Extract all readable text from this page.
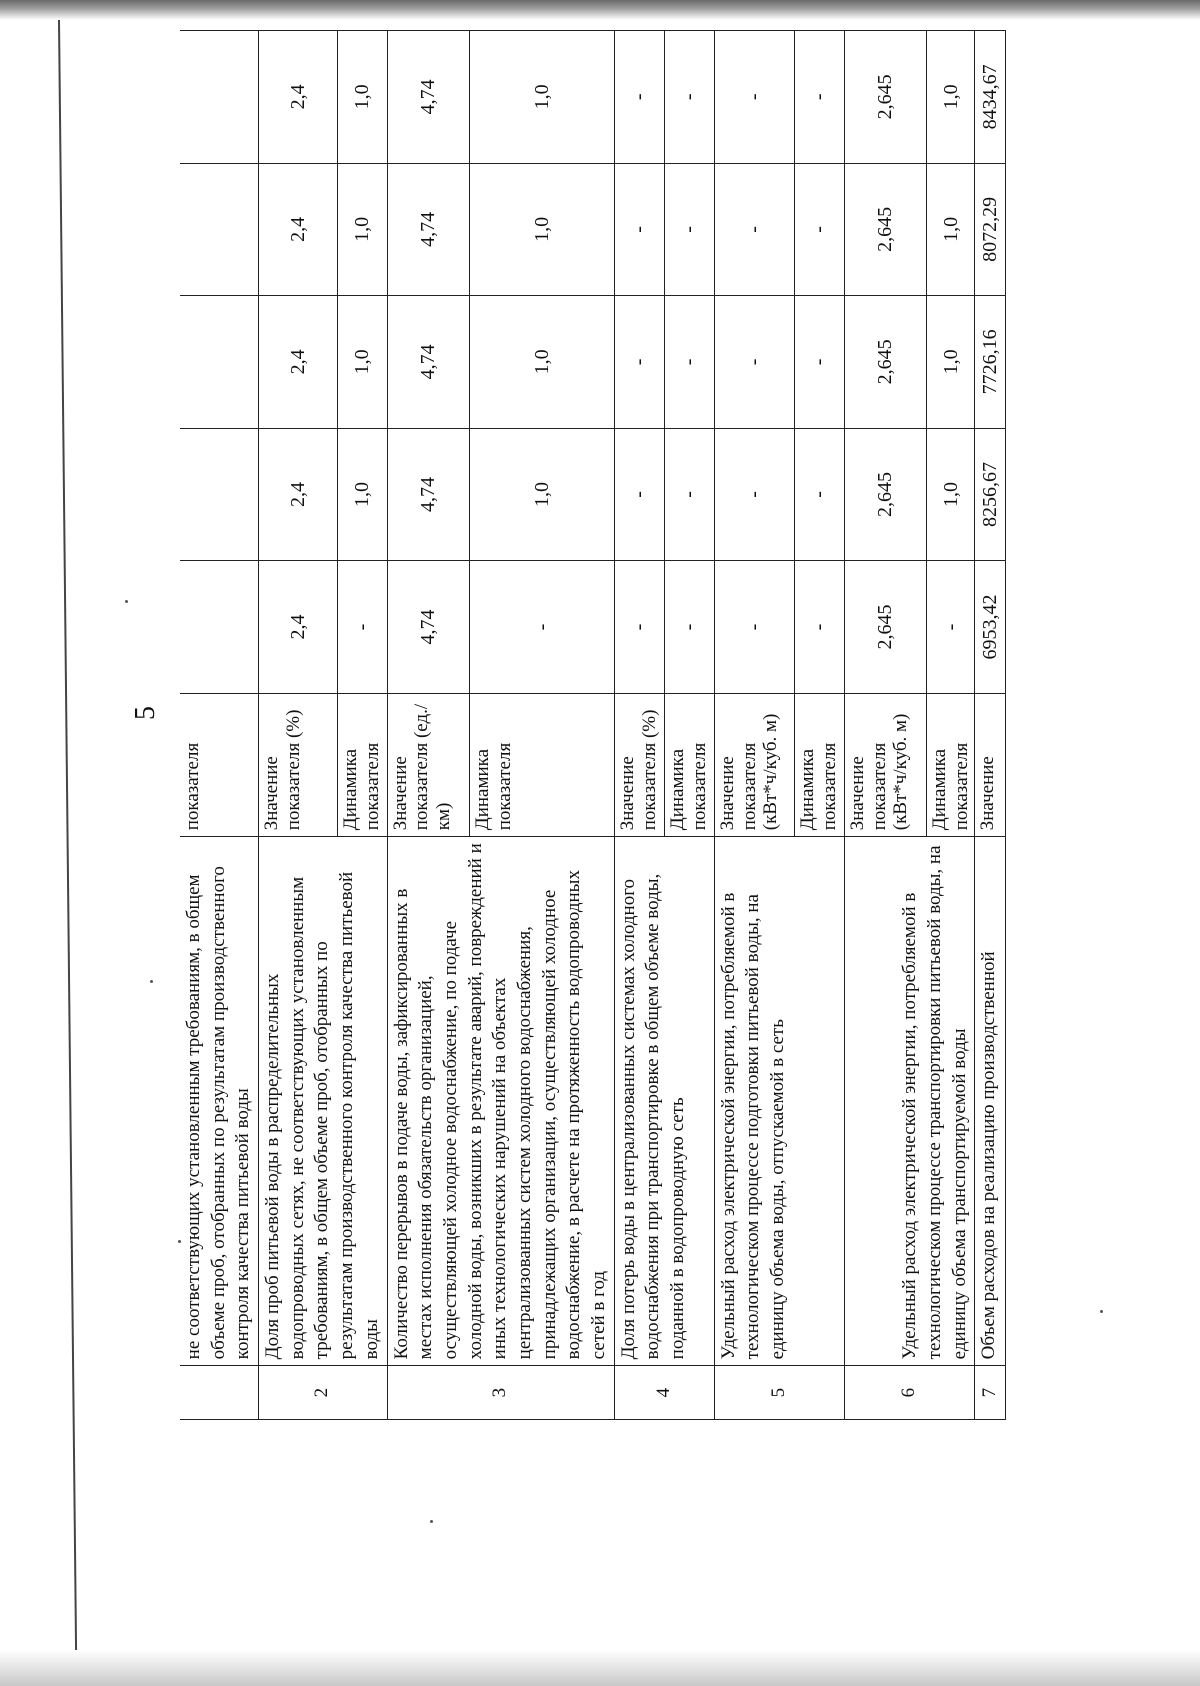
5
	не соответствующих установленным требованиям, в общем объеме проб, отобранных по результатам производственного контроля качества питьевой воды	показателя					
2	Доля проб питьевой воды в распределительных водопроводных сетях, не соответствующих установленным требованиям, в общем объеме проб, отобранных по результатам производственного контроля качества питьевой воды	Значение показателя (%)	2,4	2,4	2,4	2,4	2,4
		Динамика показателя	-	1,0	1,0	1,0	1,0
3	Количество перерывов в подаче воды, зафиксированных в местах исполнения обязательств организацией, осуществляющей холодное водоснабжение, по подаче холодной воды, возникших в результате аварий, повреждений и иных технологических нарушений на объектах централизованных систем холодного водоснабжения, принадлежащих организации, осуществляющей холодное водоснабжение, в расчете на протяженность водопроводных сетей в год	Значение показателя (ед./км)	4,74	4,74	4,74	4,74	4,74
		Динамика показателя	-	1,0	1,0	1,0	1,0
4	Доля потерь воды в централизованных системах холодного водоснабжения при транспортировке в общем объеме воды, поданной в водопроводную сеть	Значение показателя (%)	-	-	-	-	-
		Динамика показателя	-	-	-	-	-
5	Удельный расход электрической энергии, потребляемой в технологическом процессе подготовки питьевой воды, на единицу объема воды, отпускаемой в сеть	Значение показателя (кВт*ч/куб. м)	-	-	-	-	-
		Динамика показателя	-	-	-	-	-
6	Удельный расход электрической энергии, потребляемой в технологическом процессе транспортировки питьевой воды, на единицу объема транспортируемой воды	Значение показателя (кВт*ч/куб. м)	2,645	2,645	2,645	2,645	2,645
		Динамика показателя	-	1,0	1,0	1,0	1,0
7	Объем расходов на реализацию производственной	Значение	6953,42	8256,67	7726,16	8072,29	8434,67
